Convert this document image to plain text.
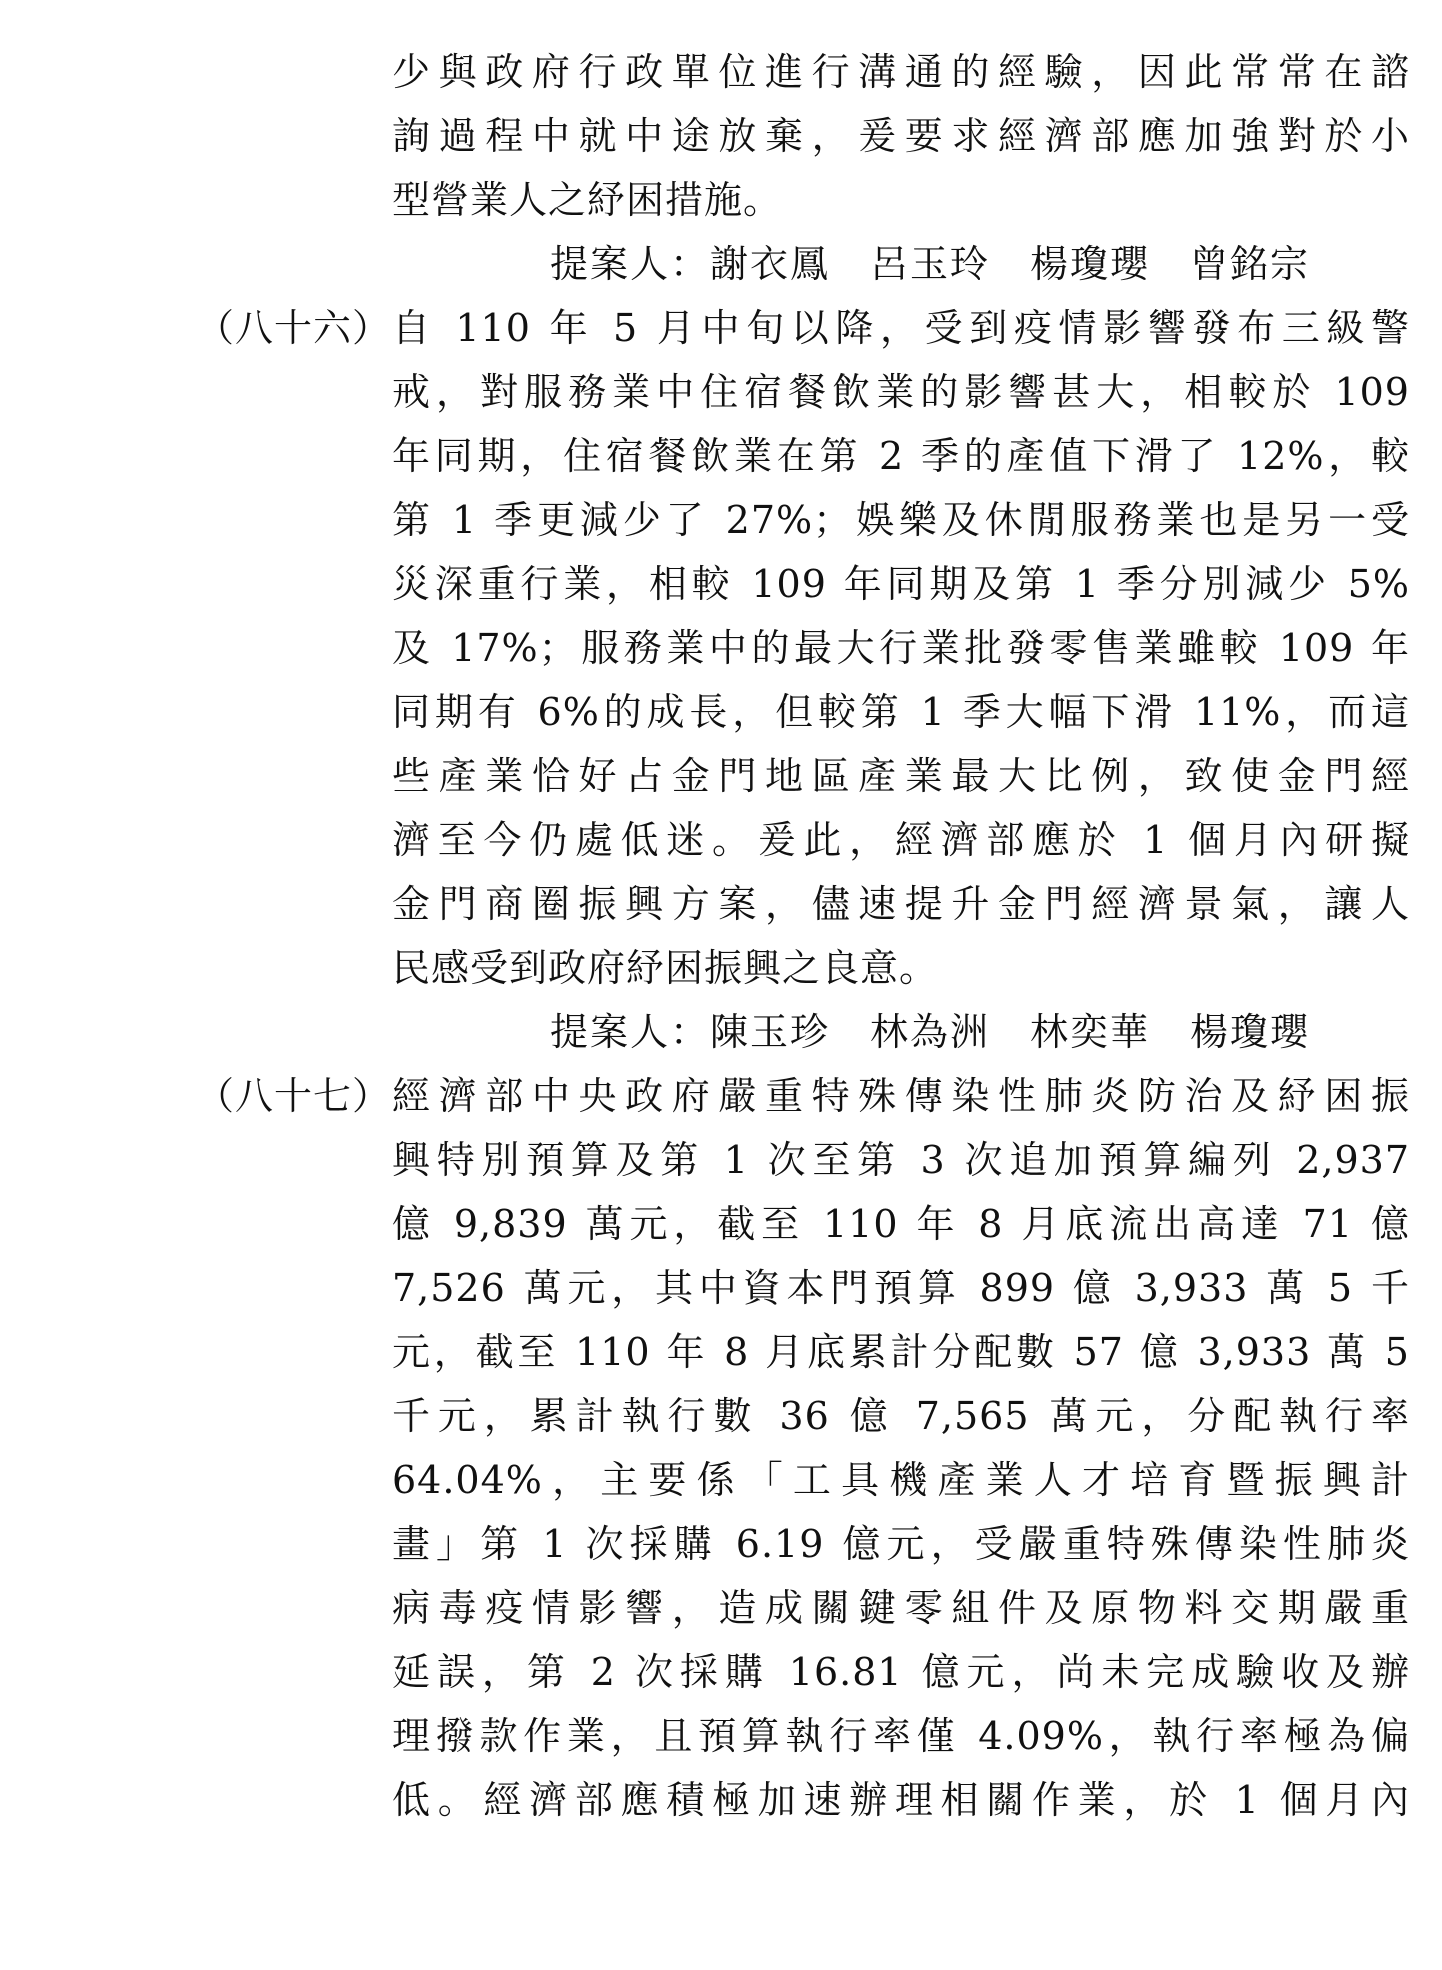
少與政府行政單位進行溝通的經驗，因此常常在諮
詢過程中就中途放棄，爰要求經濟部應加強對於小
型營業人之紓困措施。
提案人：謝衣鳳　呂玉玲　楊瓊瓔　曾銘宗
（八十六） 自 110 年 5 月中旬以降，受到疫情影響發布三級警
戒，對服務業中住宿餐飲業的影響甚大，相較於 109
年同期，住宿餐飲業在第 2 季的產值下滑了 12%，較
第 1 季更減少了 27%；娛樂及休閒服務業也是另一受
災深重行業，相較 109 年同期及第 1 季分別減少 5%
及 17%；服務業中的最大行業批發零售業雖較 109 年
同期有 6%的成長，但較第 1 季大幅下滑 11%，而這
些產業恰好占金門地區產業最大比例，致使金門經
濟至今仍處低迷。爰此，經濟部應於 1 個月內研擬
金門商圈振興方案，儘速提升金門經濟景氣，讓人
民感受到政府紓困振興之良意。
提案人：陳玉珍　林為洲　林奕華　楊瓊瓔
（八十七） 經濟部中央政府嚴重特殊傳染性肺炎防治及紓困振
興特別預算及第 1 次至第 3 次追加預算編列 2,937
億 9,839 萬元，截至 110 年 8 月底流出高達 71 億
7,526 萬元，其中資本門預算 899 億 3,933 萬 5 千
元，截至 110 年 8 月底累計分配數 57 億 3,933 萬 5
千元，累計執行數 36 億 7,565 萬元，分配執行率
64.04%，主要係「工具機產業人才培育暨振興計
畫」第 1 次採購 6.19 億元，受嚴重特殊傳染性肺炎
病毒疫情影響，造成關鍵零組件及原物料交期嚴重
延誤，第 2 次採購 16.81 億元，尚未完成驗收及辦
理撥款作業，且預算執行率僅 4.09%，執行率極為偏
低。經濟部應積極加速辦理相關作業，於 1 個月內
